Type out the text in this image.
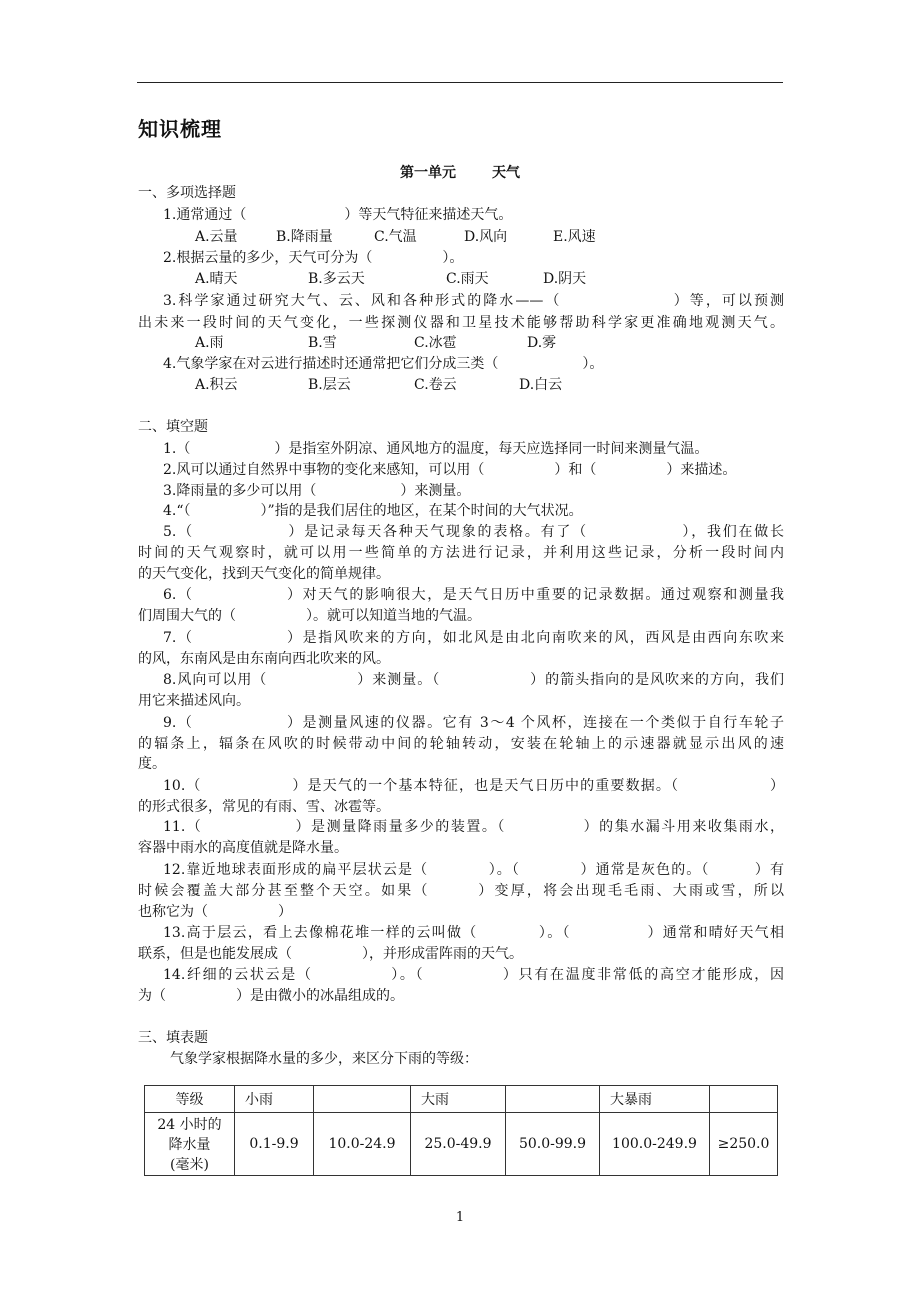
知识梳理
第一单元	天气
一、多项选择题
1.通常通过（　　　　　　　）等天气特征来描述天气。
A.云量	B.降雨量	C.气温	D.风向	E.风速
2.根据云量的多少，天气可分为（　　　　　）。
A.晴天	B.多云天	C.雨天	D.阴天
3.科学家通过研究大气、云、风和各种形式的降水——（　　　　　　　）等，可以预测
出未来一段时间的天气变化，一些探测仪器和卫星技术能够帮助科学家更准确地观测天气。
A.雨	B.雪	C.冰雹	D.雾
4.气象学家在对云进行描述时还通常把它们分成三类（　　　　　　）。
A.积云	B.层云	C.卷云	D.白云
二、填空题
1.（　　　　　　）是指室外阴凉、通风地方的温度，每天应选择同一时间来测量气温。
2.风可以通过自然界中事物的变化来感知，可以用（　　　　　）和（　　　　　）来描述。
3.降雨量的多少可以用（　　　　　　）来测量。
4.“（　　　　　）”指的是我们居住的地区，在某个时间的大气状况。
5.（　　　　　　）是记录每天各种天气现象的表格。有了（　　　　　　），我们在做长
时间的天气观察时，就可以用一些简单的方法进行记录，并利用这些记录，分析一段时间内
的天气变化，找到天气变化的简单规律。
6.（　　　　　　）对天气的影响很大，是天气日历中重要的记录数据。通过观察和测量我
们周围大气的（　　　　　）。就可以知道当地的气温。
7.（　　　　　　）是指风吹来的方向，如北风是由北向南吹来的风，西风是由西向东吹来
的风，东南风是由东南向西北吹来的风。
8.风向可以用（　　　　　　）来测量。（　　　　　　）的箭头指向的是风吹来的方向，我们
用它来描述风向。
9.（　　　　　　）是测量风速的仪器。它有 3～4 个风杯，连接在一个类似于自行车轮子
的辐条上，辐条在风吹的时候带动中间的轮轴转动，安装在轮轴上的示速器就显示出风的速
度。
10.（　　　　　　）是天气的一个基本特征，也是天气日历中的重要数据。（　　　　　　）
的形式很多，常见的有雨、雪、冰雹等。
11.（　　　　　　）是测量降雨量多少的装置。（　　　　　）的集水漏斗用来收集雨水，
容器中雨水的高度值就是降水量。
12.靠近地球表面形成的扁平层状云是（　　　　）。（　　　　）通常是灰色的。（　　　）有
时候会覆盖大部分甚至整个天空。如果（　　　）变厚，将会出现毛毛雨、大雨或雪，所以
也称它为（　　　　　）
13.高于层云，看上去像棉花堆一样的云叫做（　　　　）。（　　　　　）通常和晴好天气相
联系，但是也能发展成（　　　　　），并形成雷阵雨的天气。
14.纤细的云状云是（　　　　　）。（　　　　　）只有在温度非常低的高空才能形成，因
为（　　　　　）是由微小的冰晶组成的。
三、填表题
气象学家根据降水量的多少，来区分下雨的等级：
等级	小雨		大雨		大暴雨	

24 小时的
降水量
(毫米)	0.1-9.9	10.0-24.9	25.0-49.9	50.0-99.9	100.0-249.9	≥250.0
1
